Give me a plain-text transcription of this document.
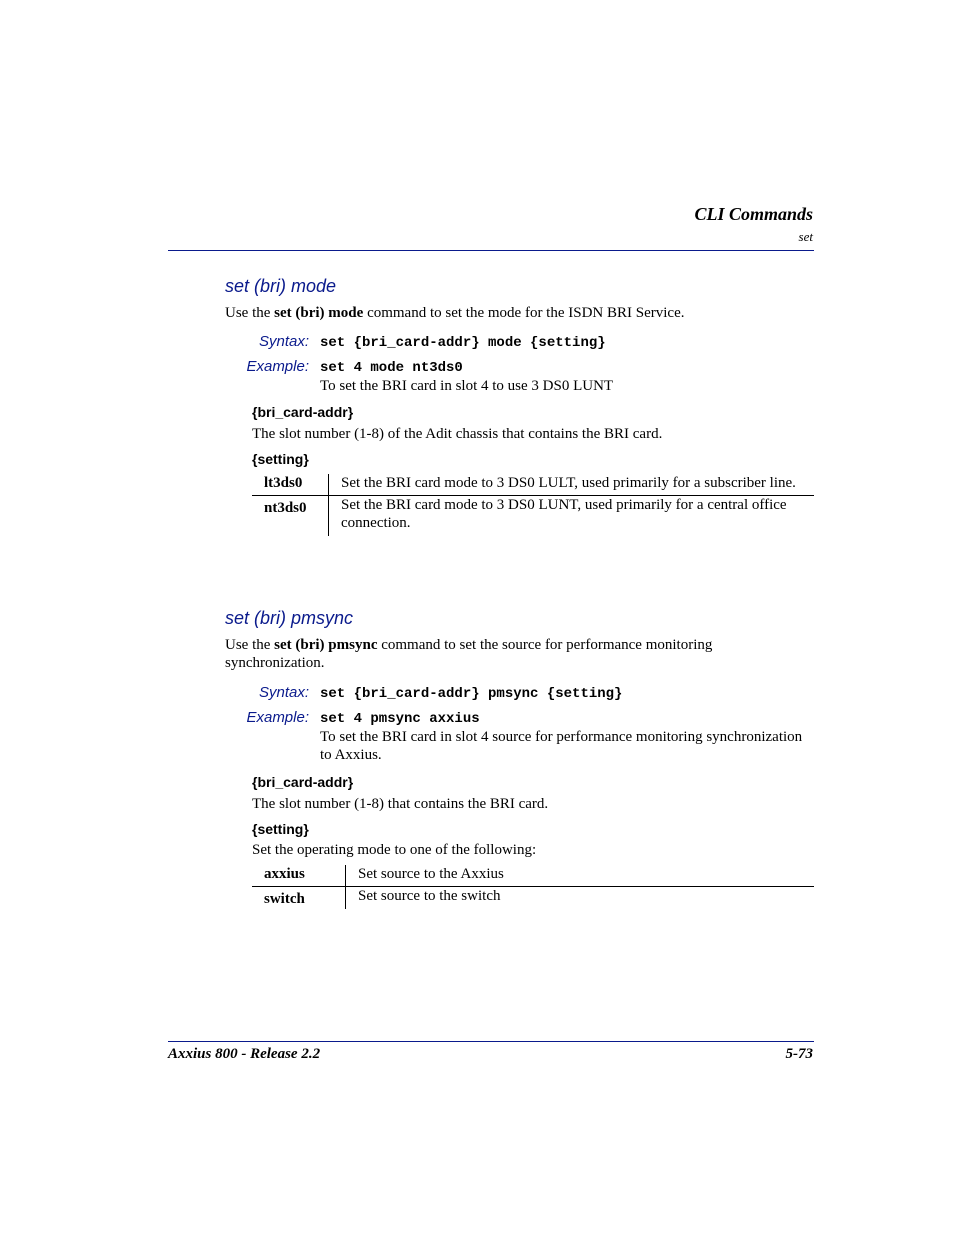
CLI Commands
set
set (bri) mode
Use the set (bri) mode command to set the mode for the ISDN BRI Service.
Syntax: set {bri_card-addr} mode {setting}
Example: set 4 mode nt3ds0
To set the BRI card in slot 4 to use 3 DS0 LUNT
{bri_card-addr}
The slot number (1-8) of the Adit chassis that contains the BRI card.
{setting}
lt3ds0	Set the BRI card mode to 3 DS0 LULT, used primarily for a subscriber line.
nt3ds0	Set the BRI card mode to 3 DS0 LUNT, used primarily for a central office connection.
set (bri) pmsync
Use the set (bri) pmsync command to set the source for performance monitoring synchronization.
Syntax: set {bri_card-addr} pmsync {setting}
Example: set 4 pmsync axxius
To set the BRI card in slot 4 source for performance monitoring synchronization to Axxius.
{bri_card-addr}
The slot number (1-8) that contains the BRI card.
{setting}
Set the operating mode to one of the following:
axxius	Set source to the Axxius
switch	Set source to the switch
Axxius 800 - Release 2.2	5-73
